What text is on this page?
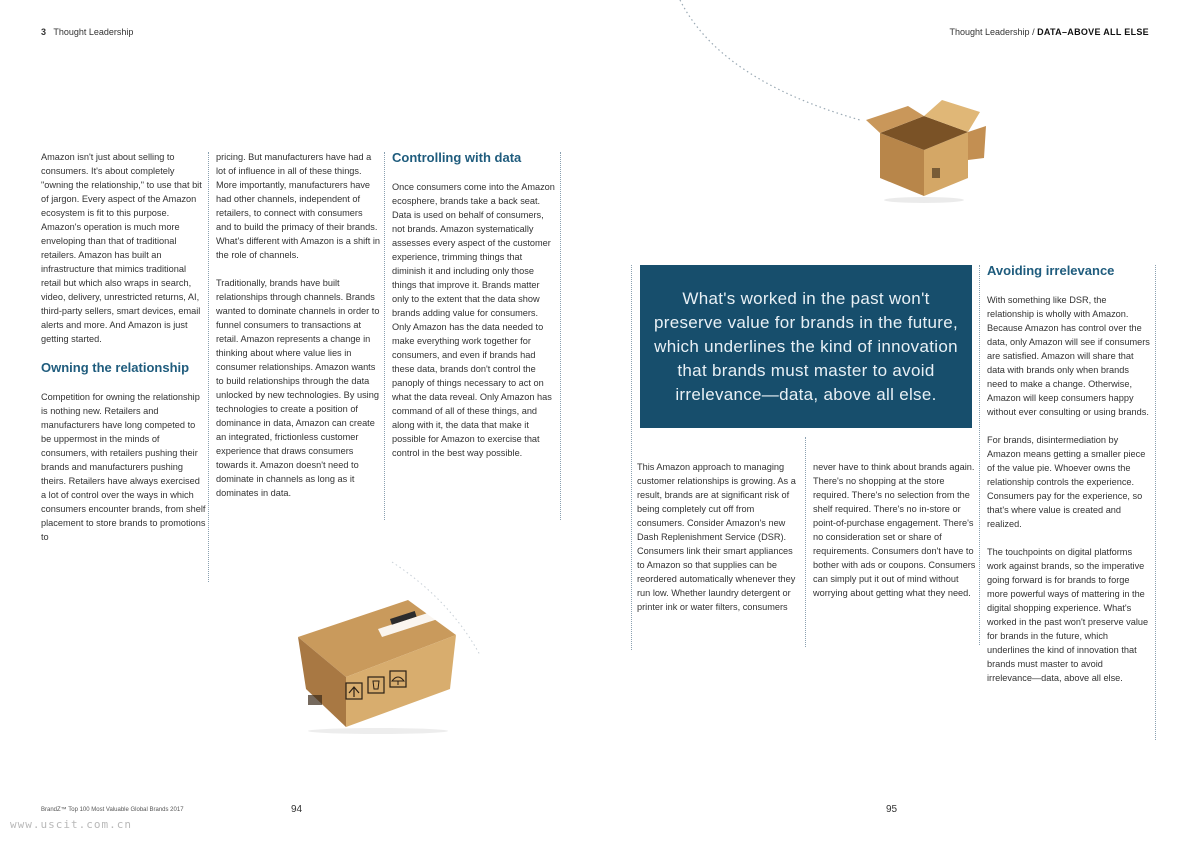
3 Thought Leadership	Thought Leadership / DATA–ABOVE ALL ELSE

Amazon isn't just about selling to consumers. It's about completely "owning the relationship," to use that bit of jargon. Every aspect of the Amazon ecosystem is fit to this purpose. Amazon's operation is much more enveloping than that of traditional retailers. Amazon has built an infrastructure that mimics traditional retail but which also wraps in search, video, delivery, unrestricted returns, AI, third-party sellers, smart devices, email alerts and more. And Amazon is just getting started.

Owning the relationship

Competition for owning the relationship is nothing new. Retailers and manufacturers have long competed to be uppermost in the minds of consumers, with retailers pushing their brands and manufacturers pushing theirs. Retailers have always exercised a lot of control over the ways in which consumers encounter brands, from shelf placement to store brands to promotions to

pricing. But manufacturers have had a lot of influence in all of these things. More importantly, manufacturers have had other channels, independent of retailers, to connect with consumers and to build the primacy of their brands. What's different with Amazon is a shift in the role of channels.

Traditionally, brands have built relationships through channels. Brands wanted to dominate channels in order to funnel consumers to transactions at retail. Amazon represents a change in thinking about where value lies in consumer relationships. Amazon wants to build relationships through the data unlocked by new technologies. By using technologies to create a position of dominance in data, Amazon can create an integrated, frictionless customer experience that draws consumers towards it. Amazon doesn't need to dominate in channels as long as it dominates in data.

Controlling with data

Once consumers come into the Amazon ecosphere, brands take a back seat. Data is used on behalf of consumers, not brands. Amazon systematically assesses every aspect of the customer experience, trimming things that diminish it and including only those things that improve it. Brands matter only to the extent that the data show brands adding value for consumers. Only Amazon has the data needed to make everything work together for consumers, and even if brands had these data, brands don't control the panoply of things necessary to act on what the data reveal. Only Amazon has command of all of these things, and along with it, the data that make it possible for Amazon to exercise that control in the best way possible.

What's worked in the past won't preserve value for brands in the future, which underlines the kind of innovation that brands must master to avoid irrelevance—data, above all else.

This Amazon approach to managing customer relationships is growing. As a result, brands are at significant risk of being completely cut off from consumers. Consider Amazon's new Dash Replenishment Service (DSR). Consumers link their smart appliances to Amazon so that supplies can be reordered automatically whenever they run low. Whether laundry detergent or printer ink or water filters, consumers

never have to think about brands again. There's no shopping at the store required. There's no selection from the shelf required. There's no in-store or point-of-purchase engagement. There's no consideration set or share of requirements. Consumers don't have to bother with ads or coupons. Consumers can simply put it out of mind without worrying about getting what they need.

Avoiding irrelevance

With something like DSR, the relationship is wholly with Amazon. Because Amazon has control over the data, only Amazon will see if consumers are satisfied. Amazon will share that data with brands only when brands need to make a change. Otherwise, Amazon will keep consumers happy without ever consulting or using brands.

For brands, disintermediation by Amazon means getting a smaller piece of the value pie. Whoever owns the relationship controls the experience. Consumers pay for the experience, so that's where value is created and realized.

The touchpoints on digital platforms work against brands, so the imperative going forward is for brands to forge more powerful ways of mattering in the digital shopping experience. What's worked in the past won't preserve value for brands in the future, which underlines the kind of innovation that brands must master to avoid irrelevance—data, above all else.

BrandZ™ Top 100 Most Valuable Global Brands 2017	94	95
www.uscit.com.cn
